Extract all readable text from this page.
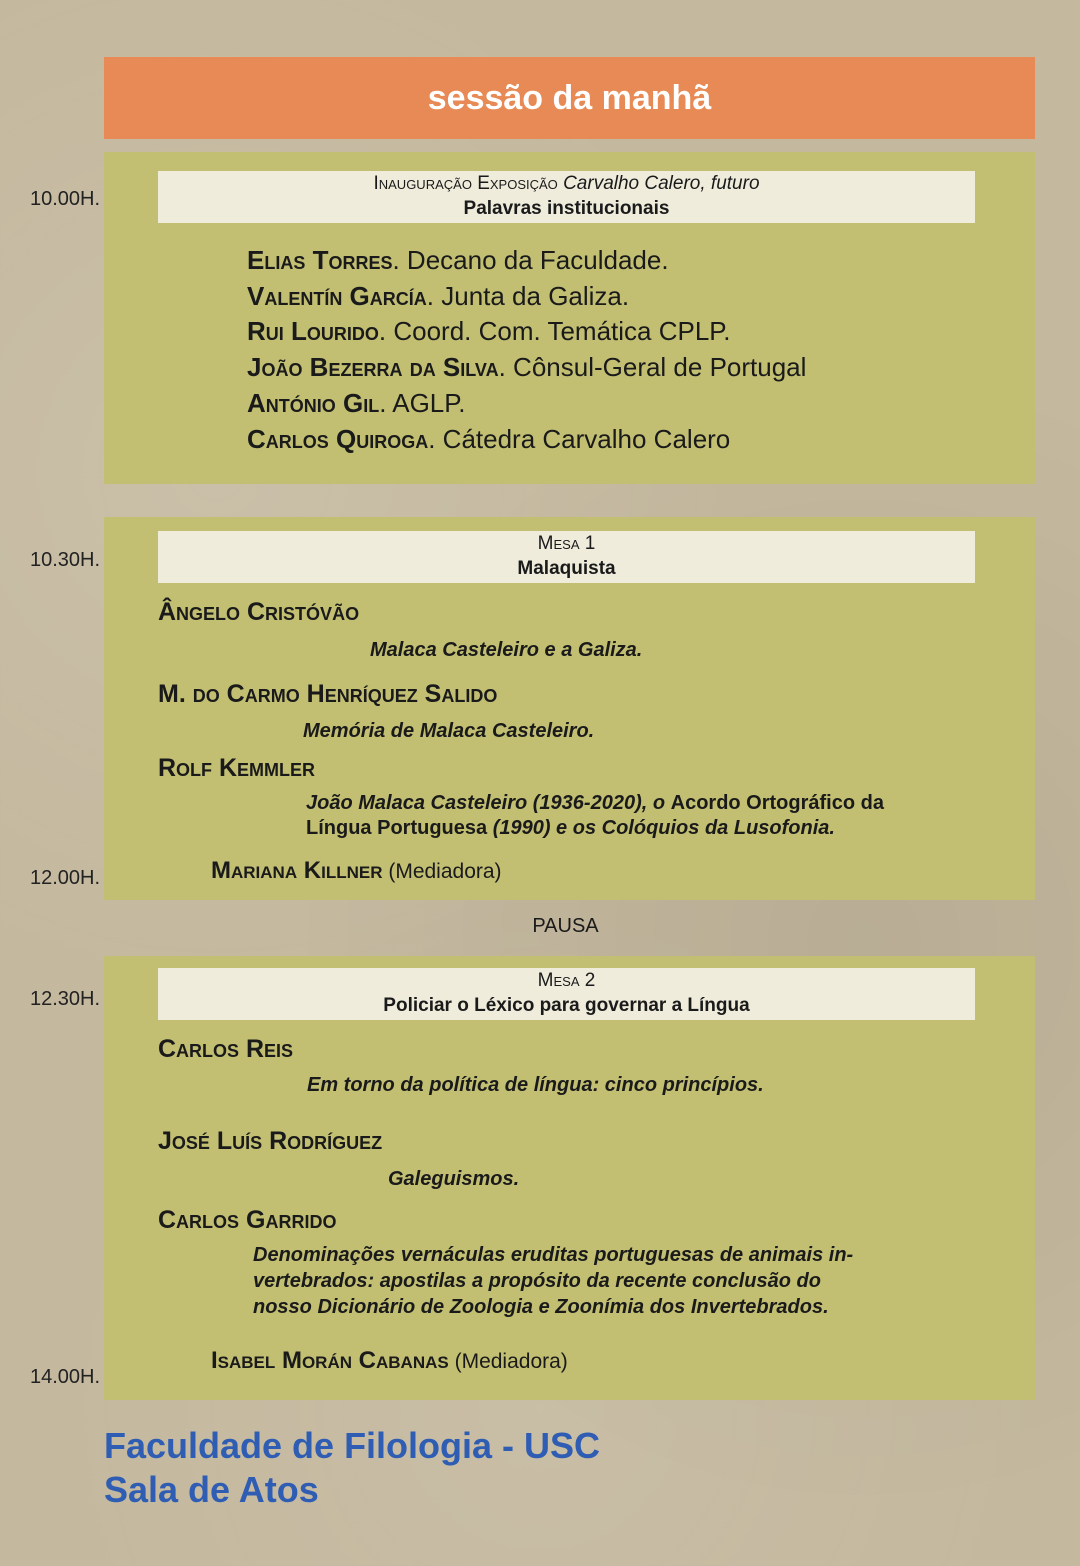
sessão da manhã
10.00H.
Inauguração Exposição Carvalho Calero, futuro
Palavras institucionais
Elias Torres. Decano da Faculdade.
Valentín García. Junta da Galiza.
Rui Lourido. Coord. Com. Temática CPLP.
João Bezerra da Silva. Cônsul-Geral de Portugal
António Gil. AGLP.
Carlos Quiroga. Cátedra Carvalho Calero
10.30H.
Mesa 1
Malaquista
Ângelo Cristóvão
Malaca Casteleiro e a Galiza.
M. do Carmo Henríquez Salido
Memória de Malaca Casteleiro.
Rolf Kemmler
João Malaca Casteleiro (1936-2020), o Acordo Ortográfico da
Língua Portuguesa (1990) e os Colóquios da Lusofonia.
Mariana Killner (Mediadora)
12.00H.
PAUSA
12.30H.
Mesa 2
Policiar o Léxico para governar a Língua
Carlos Reis
Em torno da política de língua: cinco princípios.
José Luís Rodríguez
Galeguismos.
Carlos Garrido
Denominações vernáculas eruditas portuguesas de animais in-
vertebrados: apostilas a propósito da recente conclusão do
nosso Dicionário de Zoologia e Zoonímia dos Invertebrados.
Isabel Morán Cabanas (Mediadora)
14.00H.
Faculdade de Filologia - USC
Sala de Atos
